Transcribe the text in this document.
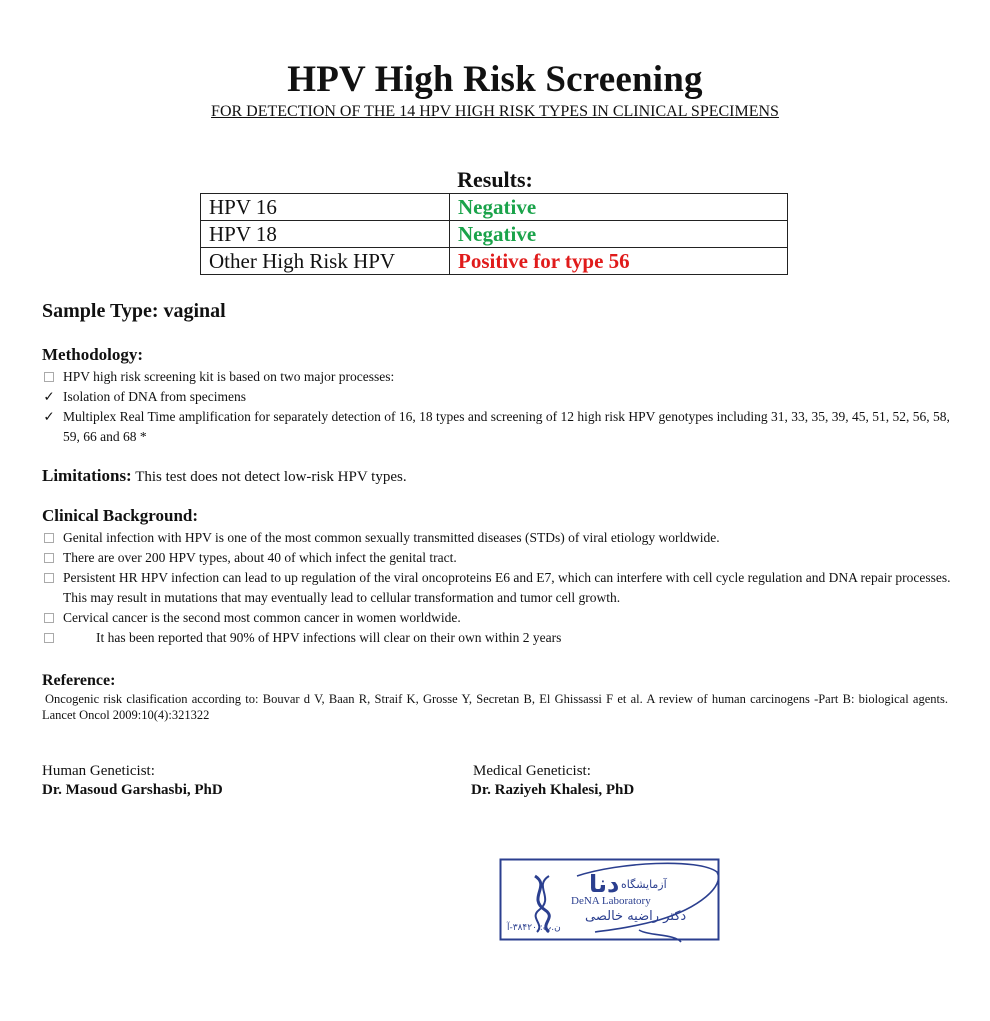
HPV High Risk Screening
FOR DETECTION OF THE 14 HPV HIGH RISK TYPES IN CLINICAL SPECIMENS
Results:
HPV 16	Negative
HPV 18	Negative
Other High Risk HPV	Positive for type 56
Sample Type: vaginal
Methodology:
HPV high risk screening kit is based on two major processes:
✓ Isolation of DNA from specimens
✓ Multiplex Real Time amplification for separately detection of 16, 18 types and screening of 12 high risk HPV genotypes including 31, 33, 35, 39, 45, 51, 52, 56, 58, 59, 66 and 68 *
Limitations: This test does not detect low-risk HPV types.
Clinical Background:
Genital infection with HPV is one of the most common sexually transmitted diseases (STDs) of viral etiology worldwide.
There are over 200 HPV types, about 40 of which infect the genital tract.
Persistent HR HPV infection can lead to up regulation of the viral oncoproteins E6 and E7, which can interfere with cell cycle regulation and DNA repair processes. This may result in mutations that may eventually lead to cellular transformation and tumor cell growth.
Cervical cancer is the second most common cancer in women worldwide.
It has been reported that 90% of HPV infections will clear on their own within 2 years
Reference:
Oncogenic risk clasification according to: Bouvar d V, Baan R, Straif K, Grosse Y, Secretan B, El Ghissassi F et al. A review of human carcinogens -Part B: biological agents. Lancet Oncol 2009:10(4):321322
Human Geneticist:
Dr. Masoud Garshasbi, PhD
Medical Geneticist:
Dr. Raziyeh Khalesi, PhD
دنا آزمایشگاه
DeNA Laboratory
دکتر راضیه خالصی
ن.پ: ۳۸۴۲۰-آ
